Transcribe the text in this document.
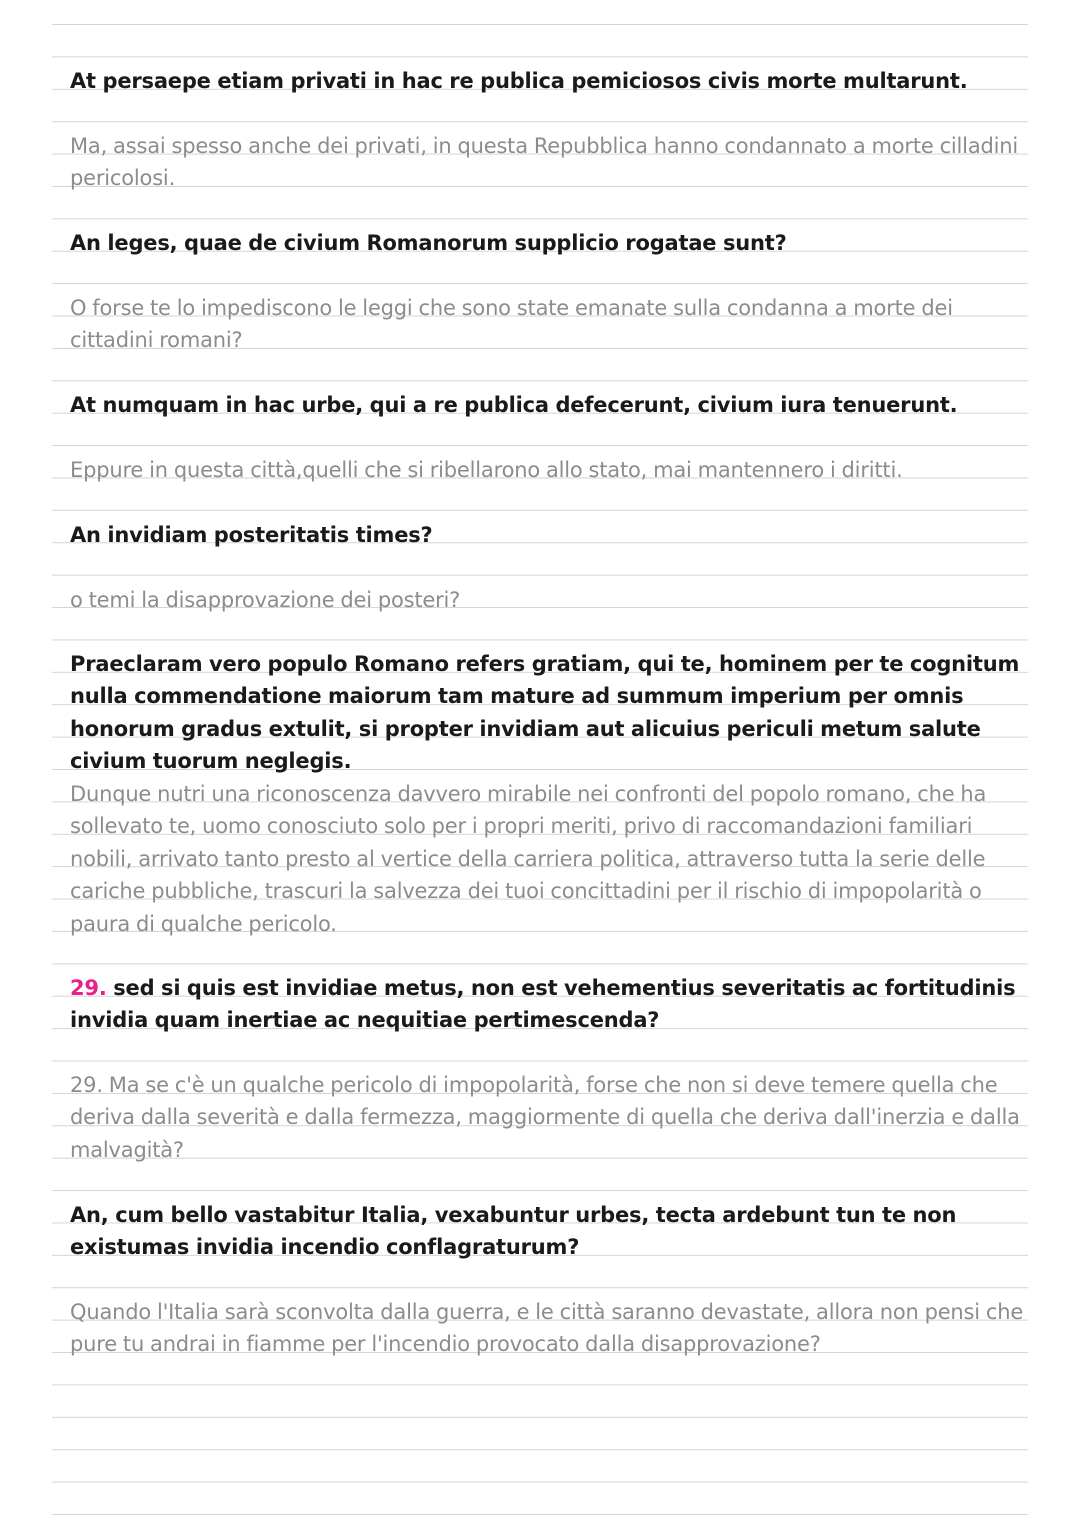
At persaepe etiam privati in hac re publica pemiciosos civis morte multarunt.
Ma, assai spesso anche dei privati, in questa Repubblica hanno condannato a morte cilladini pericolosi.
An leges, quae de civium Romanorum supplicio rogatae sunt?
O forse te lo impediscono le leggi che sono state emanate sulla condanna a morte dei cittadini romani?
At numquam in hac urbe, qui a re publica defecerunt, civium iura tenuerunt.
Eppure in questa città,quelli che si ribellarono allo stato, mai mantennero i diritti.
An invidiam posteritatis times?
o temi la disapprovazione dei posteri?
Praeclaram vero populo Romano refers gratiam, qui te, hominem per te cognitum nulla commendatione maiorum tam mature ad summum imperium per omnis honorum gradus extulit, si propter invidiam aut alicuius periculi metum salute civium tuorum neglegis.
Dunque nutri una riconoscenza davvero mirabile nei confronti del popolo romano, che ha sollevato te, uomo conosciuto solo per i propri meriti, privo di raccomandazioni familiari nobili, arrivato tanto presto al vertice della carriera politica, attraverso tutta la serie delle cariche pubbliche, trascuri la salvezza dei tuoi concittadini per il rischio di impopolarità o paura di qualche pericolo.
29. sed si quis est invidiae metus, non est vehementius severitatis ac fortitudinis invidia quam inertiae ac nequitiae pertimescenda?
29. Ma se c'è un qualche pericolo di impopolarità, forse che non si deve temere quella che deriva dalla severità e dalla fermezza, maggiormente di quella che deriva dall'inerzia e dalla malvagità?
An, cum bello vastabitur Italia, vexabuntur urbes, tecta ardebunt tun te non existumas invidia incendio conflagraturum?
Quando l'Italia sarà sconvolta dalla guerra, e le città saranno devastate, allora non pensi che pure tu andrai in fiamme per l'incendio provocato dalla disapprovazione?
